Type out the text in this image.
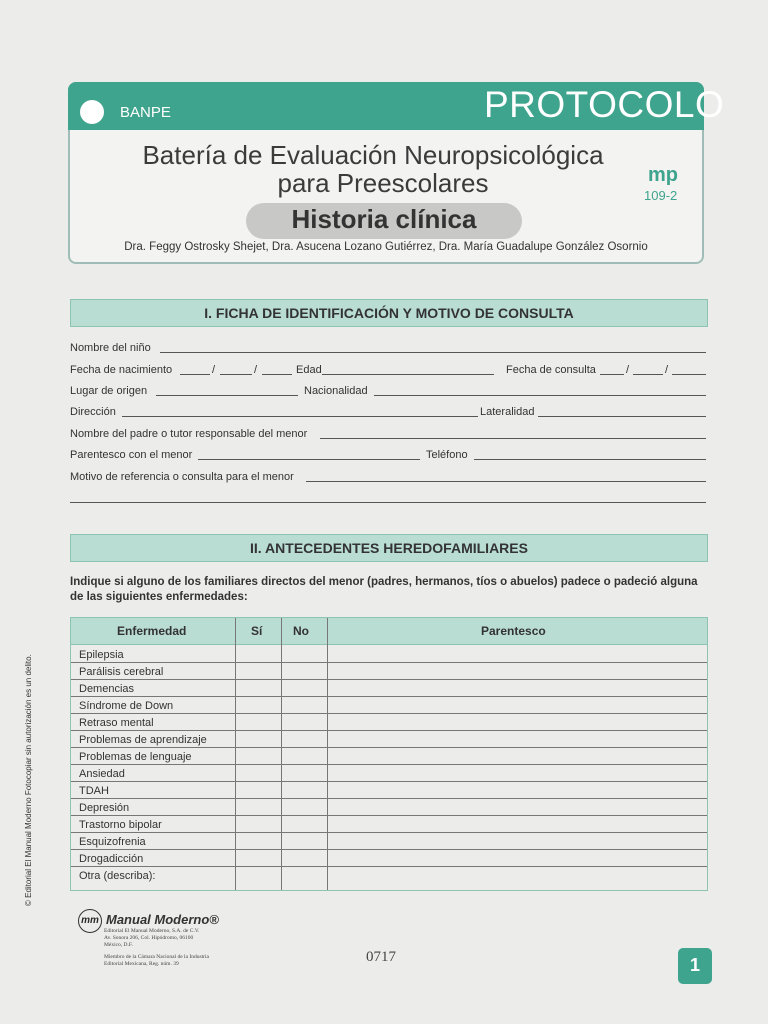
BANPE	PROTOCOLO
Batería de Evaluación Neuropsicológica
para Preescolares	mp
109-2
Historia clínica
Dra. Feggy Ostrosky Shejet, Dra. Asucena Lozano Gutiérrez, Dra. María Guadalupe González Osornio
I. FICHA DE IDENTIFICACIÓN Y MOTIVO DE CONSULTA
Nombre del niño
Fecha de nacimiento	/	/	Edad	Fecha de consulta	/	/
Lugar de origen	Nacionalidad
Dirección	Lateralidad
Nombre del padre o tutor responsable del menor
Parentesco con el menor	Teléfono
Motivo de referencia o consulta para el menor
II. ANTECEDENTES HEREDOFAMILIARES
Indique si alguno de los familiares directos del menor (padres, hermanos, tíos o abuelos) padece o padeció alguna de las siguientes enfermedades:
Enfermedad	Sí	No	Parentesco
Epilepsia
Parálisis cerebral
Demencias
Síndrome de Down
Retraso mental
Problemas de aprendizaje
Problemas de lenguaje
Ansiedad
TDAH
Depresión
Trastorno bipolar
Esquizofrenia
Drogadicción
Otra (describa):
© Editorial El Manual Moderno Fotocopiar sin autorización es un delito.
mm Manual Moderno®
Editorial El Manual Moderno, S.A. de C.V.
Av. Sonora 206, Col. Hipódromo, 06100
México, D.F.
Miembro de la Cámara Nacional de la Industria
Editorial Mexicana, Reg. núm. 39	0717	1
